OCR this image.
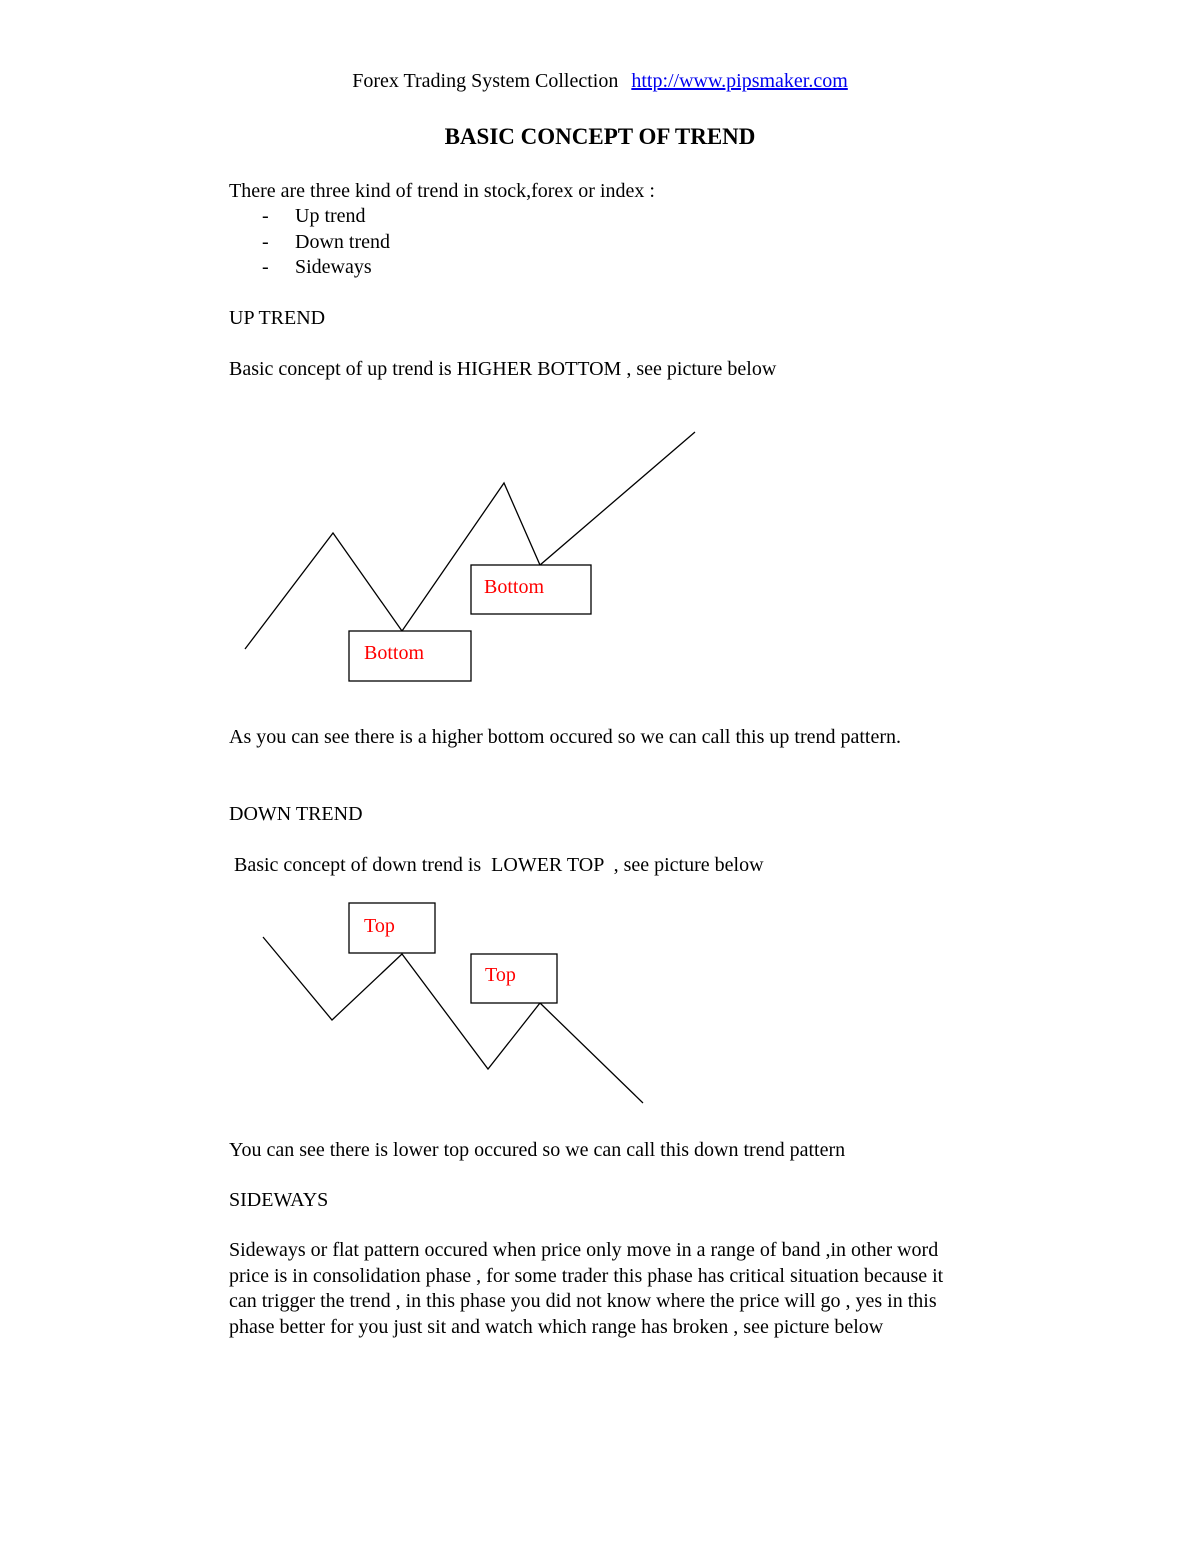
Forex Trading System Collection http://www.pipsmaker.com
BASIC CONCEPT OF TREND
There are three kind of trend in stock,forex or index :
- Up trend
- Down trend
- Sideways
UP TREND
Basic concept of up trend is HIGHER BOTTOM , see picture below
Bottom
Bottom
As you can see there is a higher bottom occured so we can call this up trend pattern.
DOWN TREND
Basic concept of down trend is  LOWER TOP  , see picture below
Top
Top
You can see there is lower top occured so we can call this down trend pattern
SIDEWAYS
Sideways or flat pattern occured when price only move in a range of band ,in other word price is in consolidation phase , for some trader this phase has critical situation because it can trigger the trend , in this phase you did not know where the price will go , yes in this phase better for you just sit and watch which range has broken , see picture below
